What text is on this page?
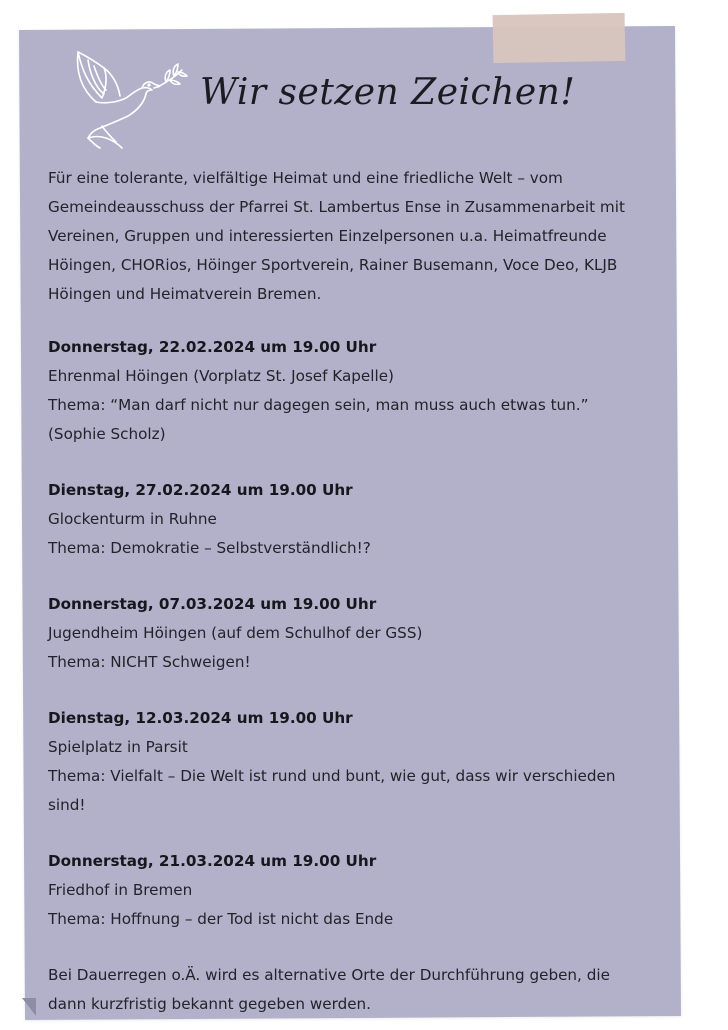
Wir setzen Zeichen!

Für eine tolerante, vielfältige Heimat und eine friedliche Welt – vom Gemeindeausschuss der Pfarrei St. Lambertus Ense in Zusammenarbeit mit Vereinen, Gruppen und interessierten Einzelpersonen u.a. Heimatfreunde Höingen, CHORios, Höinger Sportverein, Rainer Busemann, Voce Deo, KLJB Höingen und Heimatverein Bremen.

Donnerstag, 22.02.2024 um 19.00 Uhr

Ehrenmal Höingen (Vorplatz St. Josef Kapelle)

Thema: “Man darf nicht nur dagegen sein, man muss auch etwas tun.” (Sophie Scholz)

Dienstag, 27.02.2024 um 19.00 Uhr

Glockenturm in Ruhne

Thema: Demokratie – Selbstverständlich!?

Donnerstag, 07.03.2024 um 19.00 Uhr

Jugendheim Höingen (auf dem Schulhof der GSS)

Thema: NICHT Schweigen!

Dienstag, 12.03.2024 um 19.00 Uhr

Spielplatz in Parsit

Thema: Vielfalt – Die Welt ist rund und bunt, wie gut, dass wir verschieden sind!

Donnerstag, 21.03.2024 um 19.00 Uhr

Friedhof in Bremen

Thema: Hoffnung – der Tod ist nicht das Ende

Bei Dauerregen o.Ä. wird es alternative Orte der Durchführung geben, die dann kurzfristig bekannt gegeben werden.
